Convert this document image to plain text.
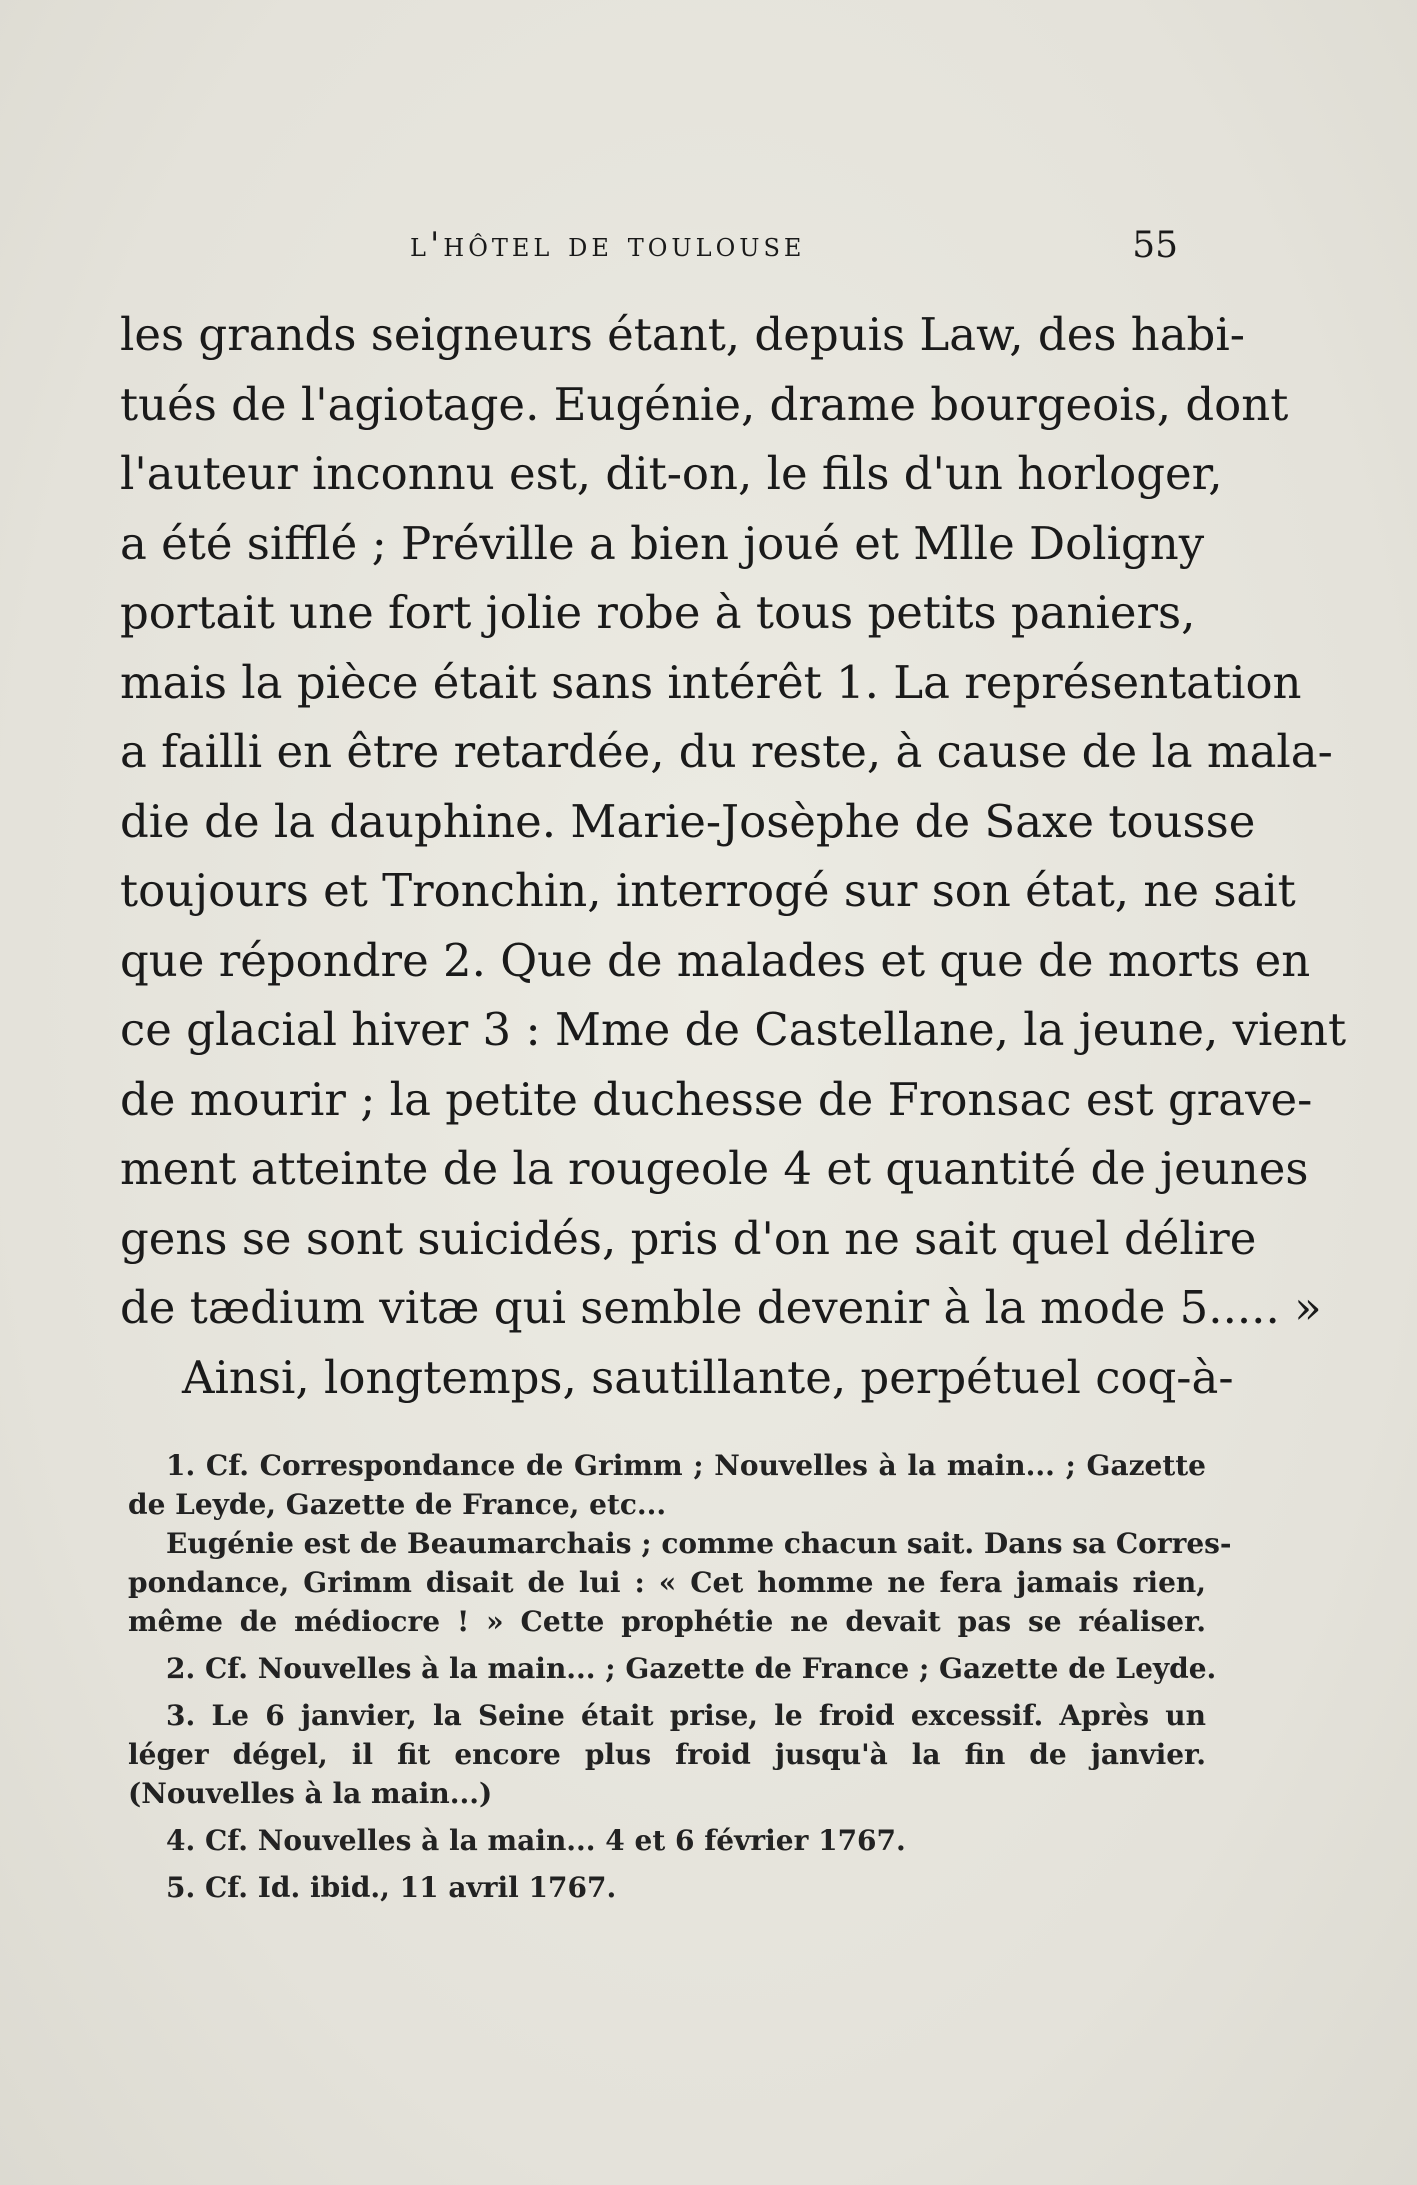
l'hôtel de toulouse	55
les grands seigneurs étant, depuis Law, des habi-
tués de l'agiotage. Eugénie, drame bourgeois, dont
l'auteur inconnu est, dit-on, le fils d'un horloger,
a été sifflé ; Préville a bien joué et Mlle Doligny
portait une fort jolie robe à tous petits paniers,
mais la pièce était sans intérêt 1. La représentation
a failli en être retardée, du reste, à cause de la mala-
die de la dauphine. Marie-Josèphe de Saxe tousse
toujours et Tronchin, interrogé sur son état, ne sait
que répondre 2. Que de malades et que de morts en
ce glacial hiver 3 : Mme de Castellane, la jeune, vient
de mourir ; la petite duchesse de Fronsac est grave-
ment atteinte de la rougeole 4 et quantité de jeunes
gens se sont suicidés, pris d'on ne sait quel délire
de tædium vitæ qui semble devenir à la mode 5..... »
Ainsi, longtemps, sautillante, perpétuel coq-à-
1. Cf. Correspondance de Grimm ; Nouvelles à la main... ; Gazette
de Leyde, Gazette de France, etc...
Eugénie est de Beaumarchais ; comme chacun sait. Dans sa Corres-
pondance, Grimm disait de lui : « Cet homme ne fera jamais rien,
même de médiocre ! » Cette prophétie ne devait pas se réaliser.
2. Cf. Nouvelles à la main... ; Gazette de France ; Gazette de Leyde.
3. Le 6 janvier, la Seine était prise, le froid excessif. Après un
léger dégel, il fit encore plus froid jusqu'à la fin de janvier.
(Nouvelles à la main...)
4. Cf. Nouvelles à la main... 4 et 6 février 1767.
5. Cf. Id. ibid., 11 avril 1767.
